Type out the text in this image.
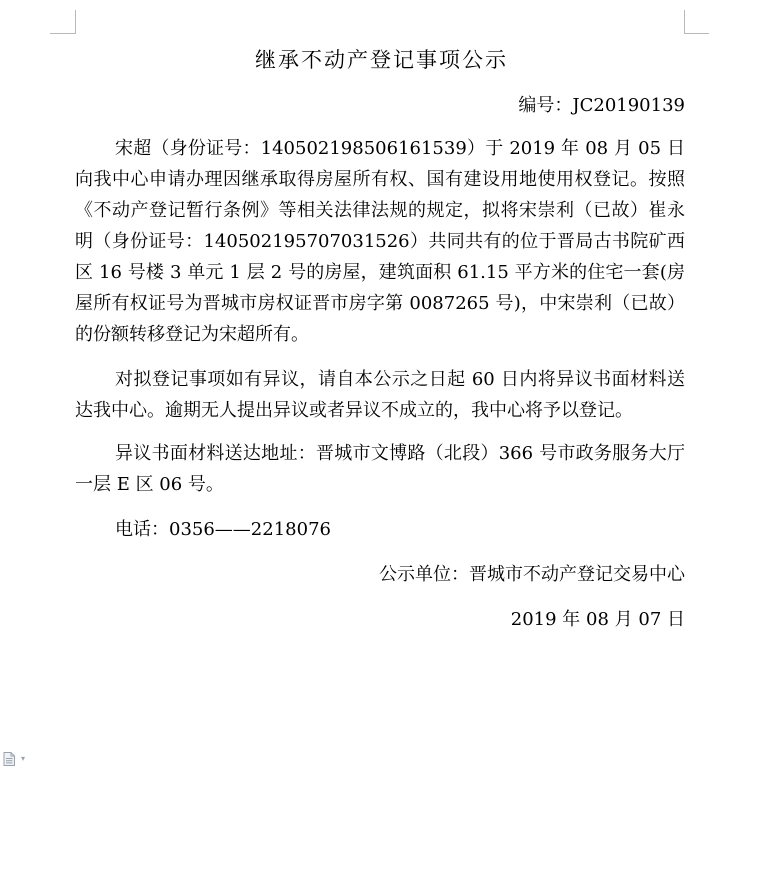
继承不动产登记事项公示

编号：JC20190139

宋超（身份证号：140502198506161539）于 2019 年 08 月 05 日向我中心申请办理因继承取得房屋所有权、国有建设用地使用权登记。按照《不动产登记暂行条例》等相关法律法规的规定，拟将宋崇利（已故）崔永明（身份证号：140502195707031526）共同共有的位于晋局古书院矿西区 16 号楼 3 单元 1 层 2 号的房屋，建筑面积 61.15 平方米的住宅一套(房屋所有权证号为晋城市房权证晋市房字第 0087265 号)，中宋崇利（已故）的份额转移登记为宋超所有。

对拟登记事项如有异议，请自本公示之日起 60 日内将异议书面材料送达我中心。逾期无人提出异议或者异议不成立的，我中心将予以登记。

异议书面材料送达地址：晋城市文博路（北段）366 号市政务服务大厅一层 E 区 06 号。

电话：0356——2218076

公示单位：晋城市不动产登记交易中心

2019 年 08 月 07 日

▾
